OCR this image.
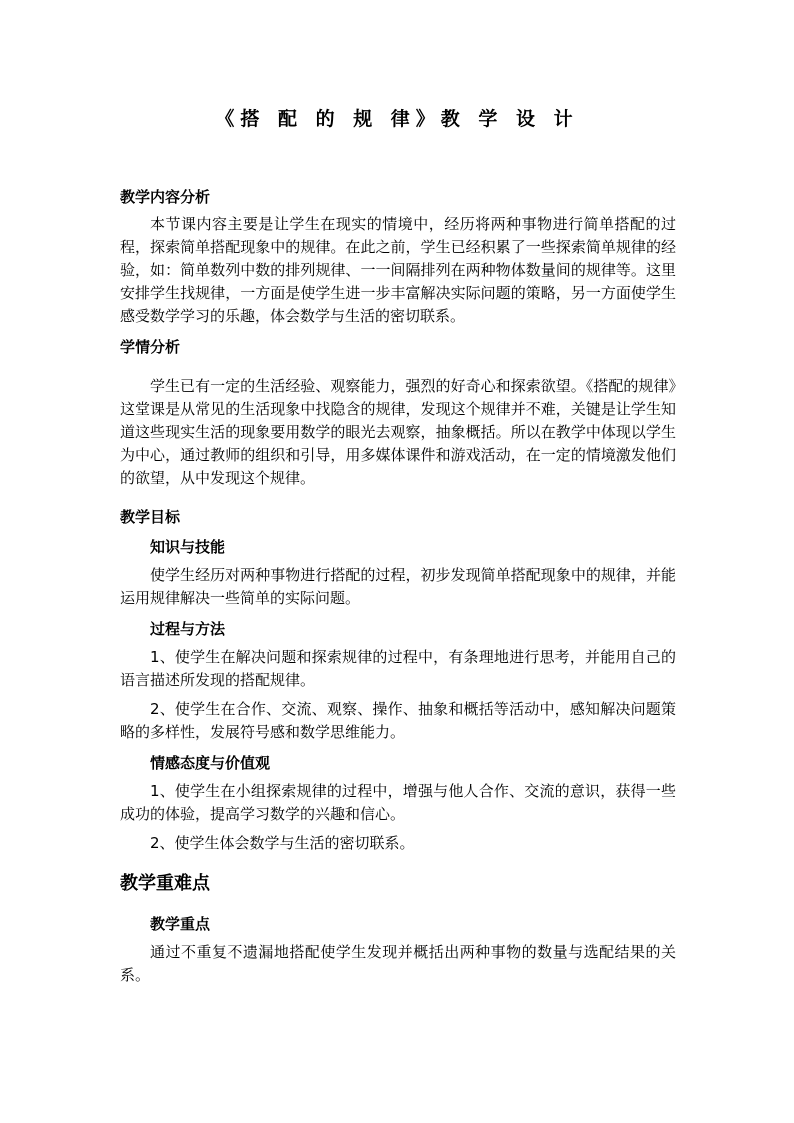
《搭 配 的 规 律》教 学 设 计
教学内容分析

本节课内容主要是让学生在现实的情境中，经历将两种事物进行简单搭配的过程，探索简单搭配现象中的规律。在此之前，学生已经积累了一些探索简单规律的经验，如：简单数列中数的排列规律、一一间隔排列在两种物体数量间的规律等。这里安排学生找规律，一方面是使学生进一步丰富解决实际问题的策略，另一方面使学生感受数学学习的乐趣，体会数学与生活的密切联系。

学情分析

学生已有一定的生活经验、观察能力，强烈的好奇心和探索欲望。《搭配的规律》这堂课是从常见的生活现象中找隐含的规律，发现这个规律并不难，关键是让学生知道这些现实生活的现象要用数学的眼光去观察，抽象概括。所以在教学中体现以学生为中心，通过教师的组织和引导，用多媒体课件和游戏活动，在一定的情境激发他们的欲望，从中发现这个规律。

教学目标
知识与技能

使学生经历对两种事物进行搭配的过程，初步发现简单搭配现象中的规律，并能运用规律解决一些简单的实际问题。

过程与方法

1、使学生在解决问题和探索规律的过程中，有条理地进行思考，并能用自己的语言描述所发现的搭配规律。

2、使学生在合作、交流、观察、操作、抽象和概括等活动中，感知解决问题策略的多样性，发展符号感和数学思维能力。

情感态度与价值观

1、使学生在小组探索规律的过程中，增强与他人合作、交流的意识，获得一些成功的体验，提高学习数学的兴趣和信心。

2、使学生体会数学与生活的密切联系。

教学重难点
教学重点

通过不重复不遗漏地搭配使学生发现并概括出两种事物的数量与选配结果的关系。
